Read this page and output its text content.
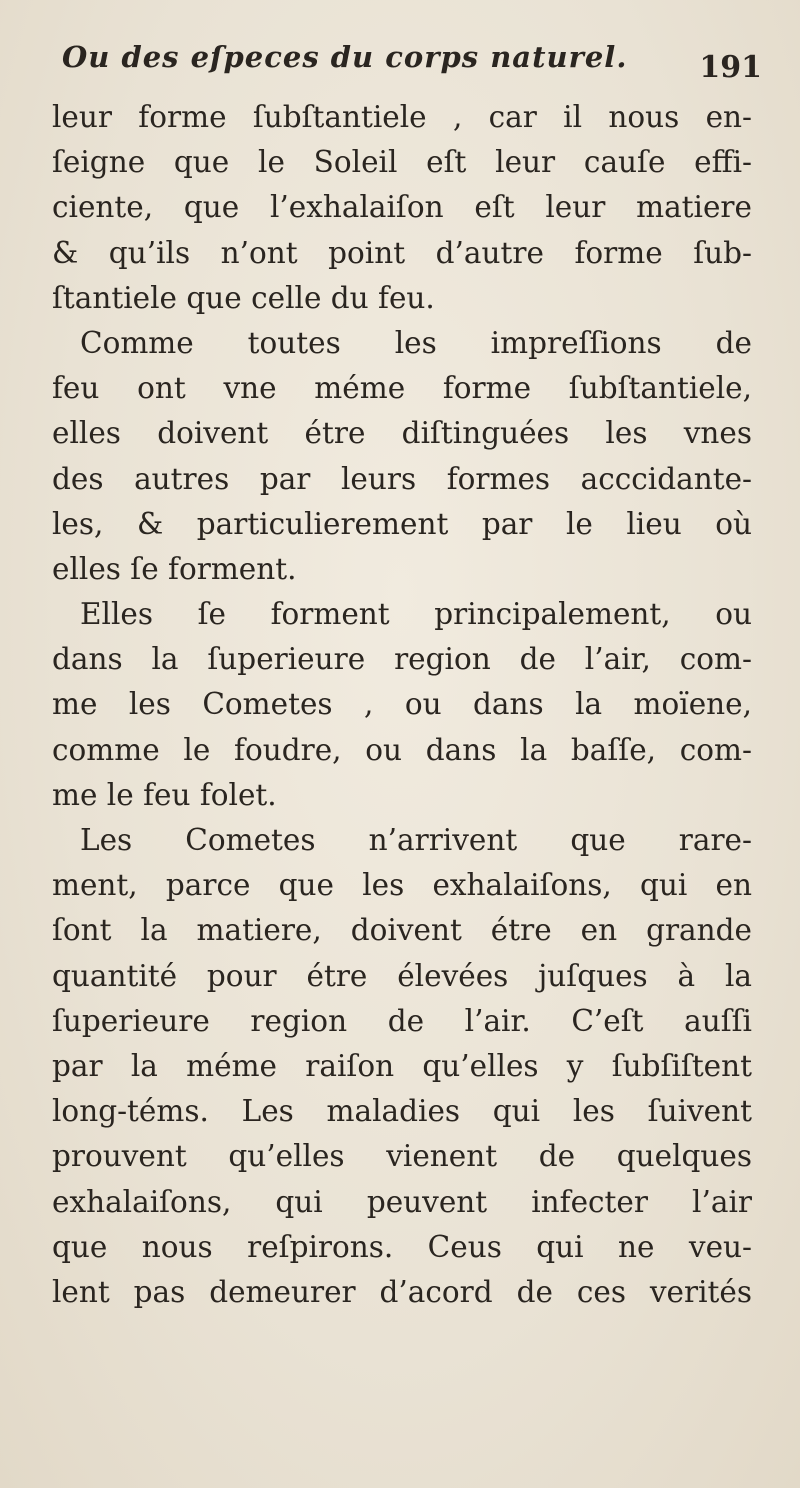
Ou des eſpeces du corps naturel. 191
leur forme ſubſtantiele , car il nous en-
ſeigne que le Soleil eſt leur cauſe effi-
ciente, que l’exhalaiſon eſt leur matiere
& qu’ils n’ont point d’autre forme ſub-
ſtantiele que celle du feu.
Comme toutes les impreſſions de
feu ont vne méme forme ſubſtantiele,
elles doivent étre diſtinguées les vnes
des autres par leurs formes acccidante-
les, & particulierement par le lieu où
elles ſe forment.
Elles ſe forment principalement, ou
dans la ſuperieure region de l’air, com-
me les Cometes , ou dans la moïene,
comme le foudre, ou dans la baſſe, com-
me le feu folet.
Les Cometes n’arrivent que rare-
ment, parce que les exhalaiſons, qui en
ſont la matiere, doivent étre en grande
quantité pour étre élevées juſques à la
ſuperieure region de l’air. C’eſt auſſi
par la méme raiſon qu’elles y ſubſiſtent
long-téms. Les maladies qui les ſuivent
prouvent qu’elles vienent de quelques
exhalaiſons, qui peuvent infecter l’air
que nous reſpirons. Ceus qui ne veu-
lent pas demeurer d’acord de ces verités
